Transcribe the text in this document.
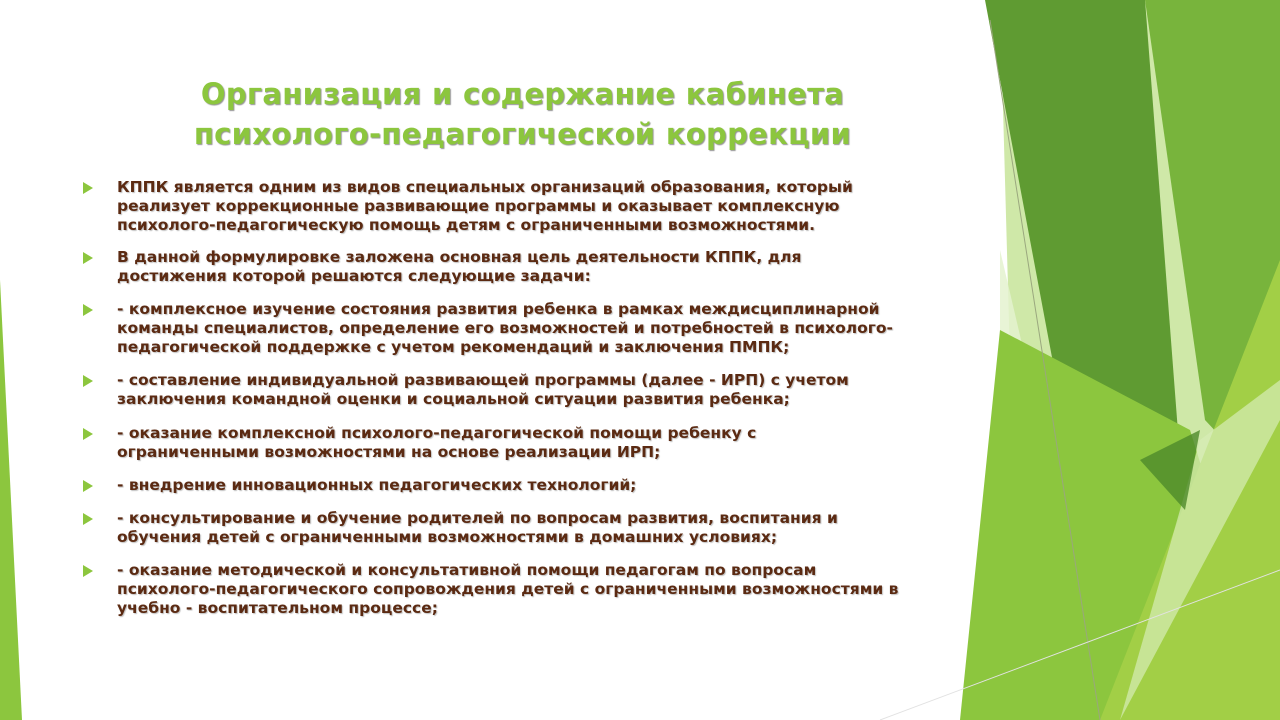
Организация и содержание кабинета
психолого-педагогической коррекции
КППК является одним из видов специальных организаций образования, который
реализует коррекционные развивающие программы и оказывает комплексную
психолого-педагогическую помощь детям с ограниченными возможностями.
В данной формулировке заложена основная цель деятельности КППК, для
достижения которой решаются следующие задачи:
- комплексное изучение состояния развития ребенка в рамках междисциплинарной
команды специалистов, определение его возможностей и потребностей в психолого-
педагогической поддержке с учетом рекомендаций и заключения ПМПК;
- составление индивидуальной развивающей программы (далее - ИРП) с учетом
заключения командной оценки и социальной ситуации развития ребенка;
- оказание комплексной психолого-педагогической помощи ребенку с
ограниченными возможностями на основе реализации ИРП;
- внедрение инновационных педагогических технологий;
- консультирование и обучение родителей по вопросам развития, воспитания и
обучения детей с ограниченными возможностями в домашних условиях;
- оказание методической и консультативной помощи педагогам по вопросам
психолого-педагогического сопровождения детей с ограниченными возможностями в
учебно - воспитательном процессе;
